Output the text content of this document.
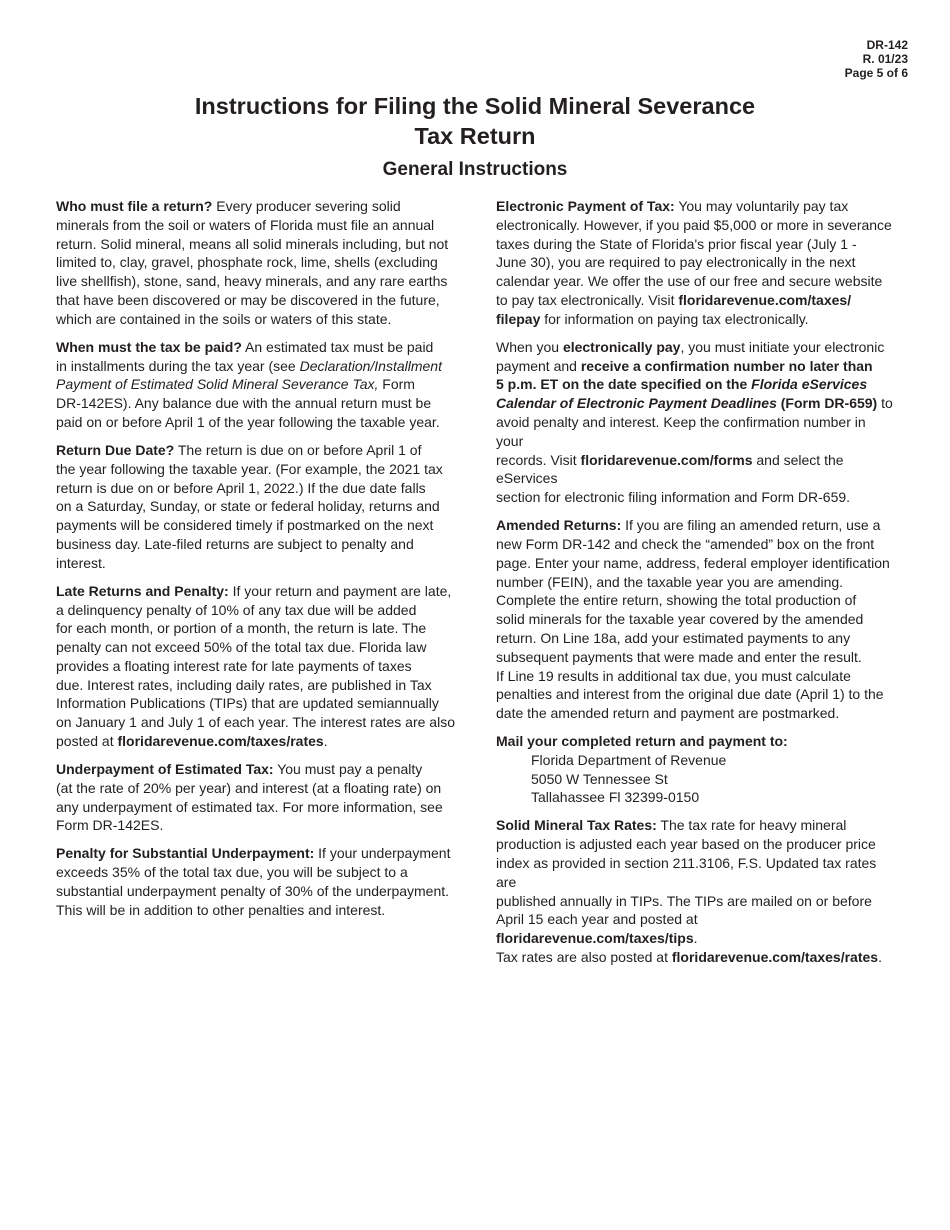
DR-142
R. 01/23
Page 5 of 6
Instructions for Filing the Solid Mineral Severance
Tax Return
General Instructions

Who must file a return? Every producer severing solid
minerals from the soil or waters of Florida must file an annual
return. Solid mineral, means all solid minerals including, but not
limited to, clay, gravel, phosphate rock, lime, shells (excluding
live shellfish), stone, sand, heavy minerals, and any rare earths
that have been discovered or may be discovered in the future,
which are contained in the soils or waters of this state.

When must the tax be paid? An estimated tax must be paid
in installments during the tax year (see Declaration/Installment
Payment of Estimated Solid Mineral Severance Tax, Form
DR-142ES). Any balance due with the annual return must be
paid on or before April 1 of the year following the taxable year.

Return Due Date? The return is due on or before April 1 of
the year following the taxable year. (For example, the 2021 tax
return is due on or before April 1, 2022.) If the due date falls
on a Saturday, Sunday, or state or federal holiday, returns and
payments will be considered timely if postmarked on the next
business day. Late-filed returns are subject to penalty and interest.

Late Returns and Penalty: If your return and payment are late,
a delinquency penalty of 10% of any tax due will be added
for each month, or portion of a month, the return is late. The
penalty can not exceed 50% of the total tax due. Florida law
provides a floating interest rate for late payments of taxes
due. Interest rates, including daily rates, are published in Tax
Information Publications (TIPs) that are updated semiannually
on January 1 and July 1 of each year. The interest rates are also
posted at floridarevenue.com/taxes/rates.

Underpayment of Estimated Tax: You must pay a penalty
(at the rate of 20% per year) and interest (at a floating rate) on
any underpayment of estimated tax. For more information, see
Form DR-142ES.

Penalty for Substantial Underpayment: If your underpayment
exceeds 35% of the total tax due, you will be subject to a
substantial underpayment penalty of 30% of the underpayment.
This will be in addition to other penalties and interest.

Electronic Payment of Tax: You may voluntarily pay tax
electronically. However, if you paid $5,000 or more in severance
taxes during the State of Florida's prior fiscal year (July 1 -
June 30), you are required to pay electronically in the next
calendar year. We offer the use of our free and secure website
to pay tax electronically. Visit floridarevenue.com/taxes/
filepay for information on paying tax electronically.

When you electronically pay, you must initiate your electronic
payment and receive a confirmation number no later than
5 p.m. ET on the date specified on the Florida eServices
Calendar of Electronic Payment Deadlines (Form DR-659) to
avoid penalty and interest. Keep the confirmation number in your
records. Visit floridarevenue.com/forms and select the eServices
section for electronic filing information and Form DR-659.

Amended Returns: If you are filing an amended return, use a
new Form DR-142 and check the “amended” box on the front
page. Enter your name, address, federal employer identification
number (FEIN), and the taxable year you are amending.
Complete the entire return, showing the total production of
solid minerals for the taxable year covered by the amended
return. On Line 18a, add your estimated payments to any
subsequent payments that were made and enter the result.
If Line 19 results in additional tax due, you must calculate
penalties and interest from the original due date (April 1) to the
date the amended return and payment are postmarked.

Mail your completed return and payment to:
Florida Department of Revenue
5050 W Tennessee St
Tallahassee Fl 32399-0150

Solid Mineral Tax Rates: The tax rate for heavy mineral
production is adjusted each year based on the producer price
index as provided in section 211.3106, F.S. Updated tax rates are
published annually in TIPs. The TIPs are mailed on or before
April 15 each year and posted at floridarevenue.com/taxes/tips.
Tax rates are also posted at floridarevenue.com/taxes/rates.
